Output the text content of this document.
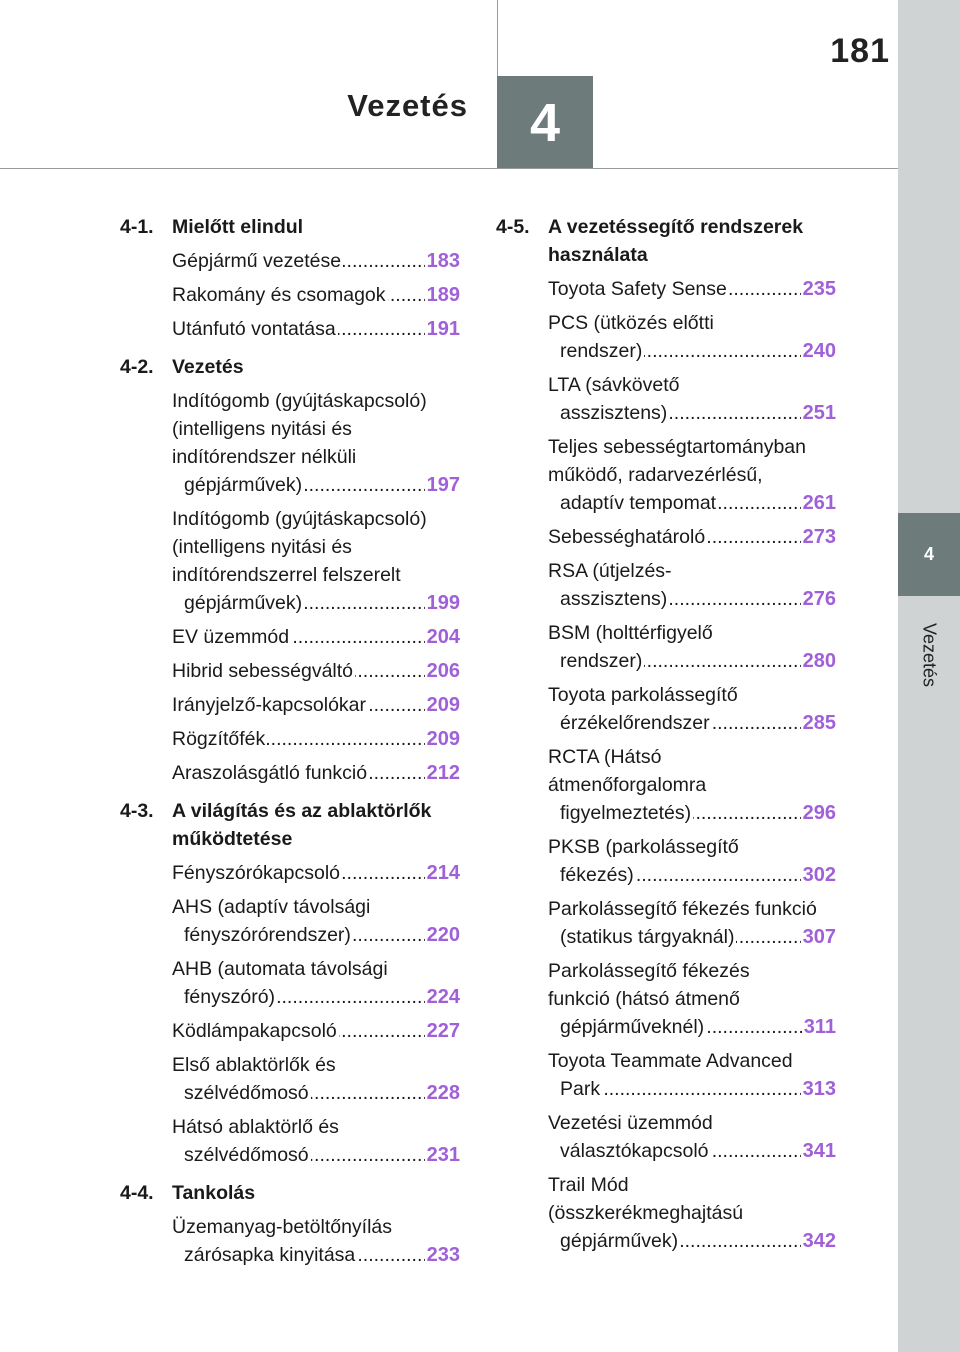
181
Vezetés	4
4
Vezetés
4-1. Mielőtt elindul
Gépjármű vezetése	183
.....
Rakomány és csomagok 189
.....
Utánfutó vontatása	191
.....
4-2. Vezetés
Indítógomb (gyújtáskapcsoló)
(intelligens nyitási és
indítórendszer nélküli
gépjárművek)	197
.....
Indítógomb (gyújtáskapcsoló)
(intelligens nyitási és
indítórendszerrel felszerelt
gépjárművek)	199
.....
EV üzemmód	204
.....
Hibrid sebességváltó	206
.....
Irányjelző-kapcsolókar	209
.....
Rögzítőfék	209
.....
Araszolásgátló funkció	212
.....
4-3. A világítás és az ablaktörlők működtetése
Fényszórókapcsoló	214
.....
AHS (adaptív távolsági
fényszórórendszer)	220
.....
AHB (automata távolsági
fényszóró)	224
.....
Ködlámpakapcsoló	227
.....
Első ablaktörlők és
szélvédőmosó	228
.....
Hátsó ablaktörlő és
szélvédőmosó	231
.....
4-4. Tankolás
Üzemanyag-betöltőnyílás
zárósapka kinyitása	233
.....
4-5. A vezetéssegítő rendszerek használata
Toyota Safety Sense	235
.....
PCS (ütközés előtti
rendszer)	240
.....
LTA (sávkövető
asszisztens)	251
.....
Teljes sebességtartományban
működő, radarvezérlésű,
adaptív tempomat	261
.....
Sebességhatároló	273
.....
RSA (útjelzés-
asszisztens)	276
.....
BSM (holttérfigyelő
rendszer)	280
.....
Toyota parkolássegítő
érzékelőrendszer	285
.....
RCTA (Hátsó
átmenőforgalomra
figyelmeztetés)	296
.....
PKSB (parkolássegítő
fékezés)	302
.....
Parkolássegítő fékezés funkció
(statikus tárgyaknál)	307
.....
Parkolássegítő fékezés
funkció (hátsó átmenő
gépjárműveknél)	311
.....
Toyota Teammate Advanced
Park	313
.....
Vezetési üzemmód
választókapcsoló	341
.....
Trail Mód
(összkerékmeghajtású
gépjárművek)	342
.....
